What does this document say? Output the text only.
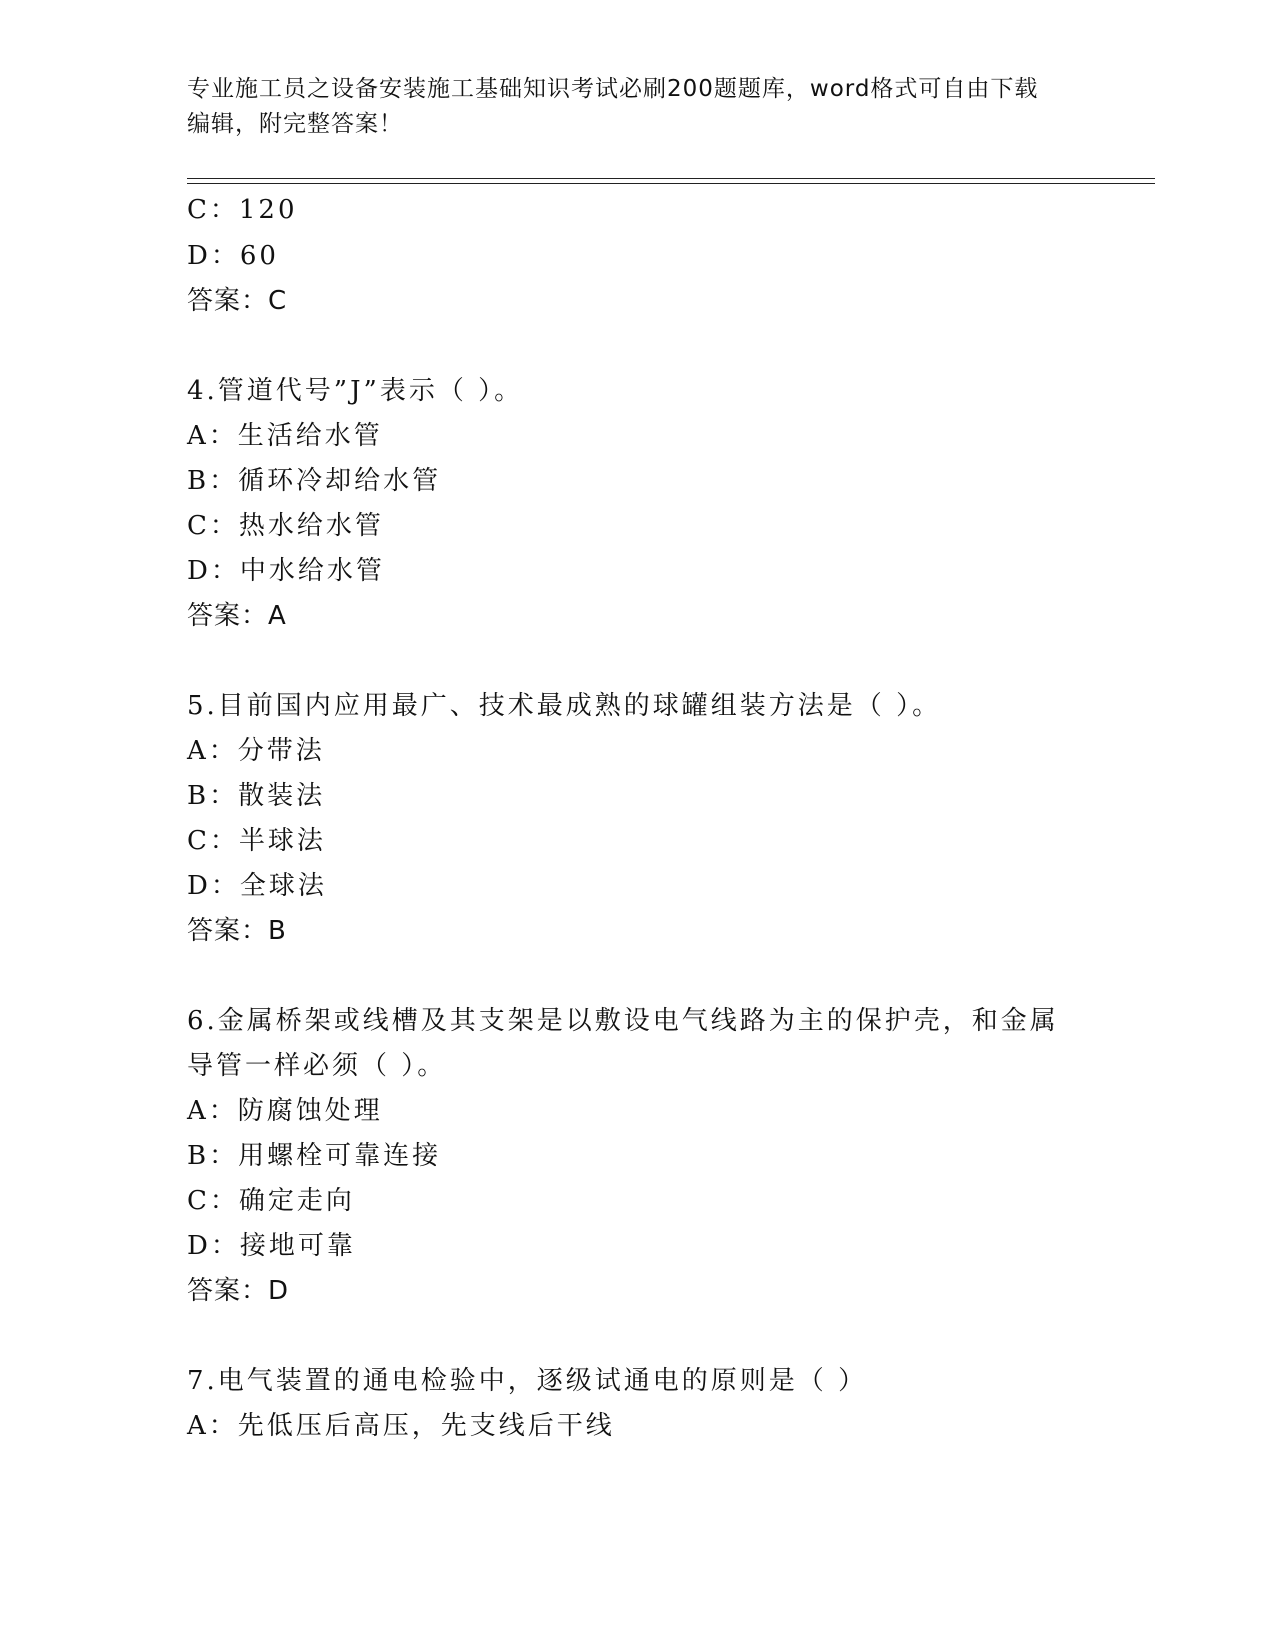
专业施工员之设备安装施工基础知识考试必刷200题题库，word格式可自由下载
编辑，附完整答案！
C：120
D：60
答案：C
4.管道代号”J”表示（ ）。
A：生活给水管
B：循环冷却给水管
C：热水给水管
D：中水给水管
答案：A
5.目前国内应用最广、技术最成熟的球罐组装方法是（ ）。
A：分带法
B：散装法
C：半球法
D：全球法
答案：B
6.金属桥架或线槽及其支架是以敷设电气线路为主的保护壳，和金属
导管一样必须（ ）。
A：防腐蚀处理
B：用螺栓可靠连接
C：确定走向
D：接地可靠
答案：D
7.电气装置的通电检验中，逐级试通电的原则是（ ）
A：先低压后高压，先支线后干线
